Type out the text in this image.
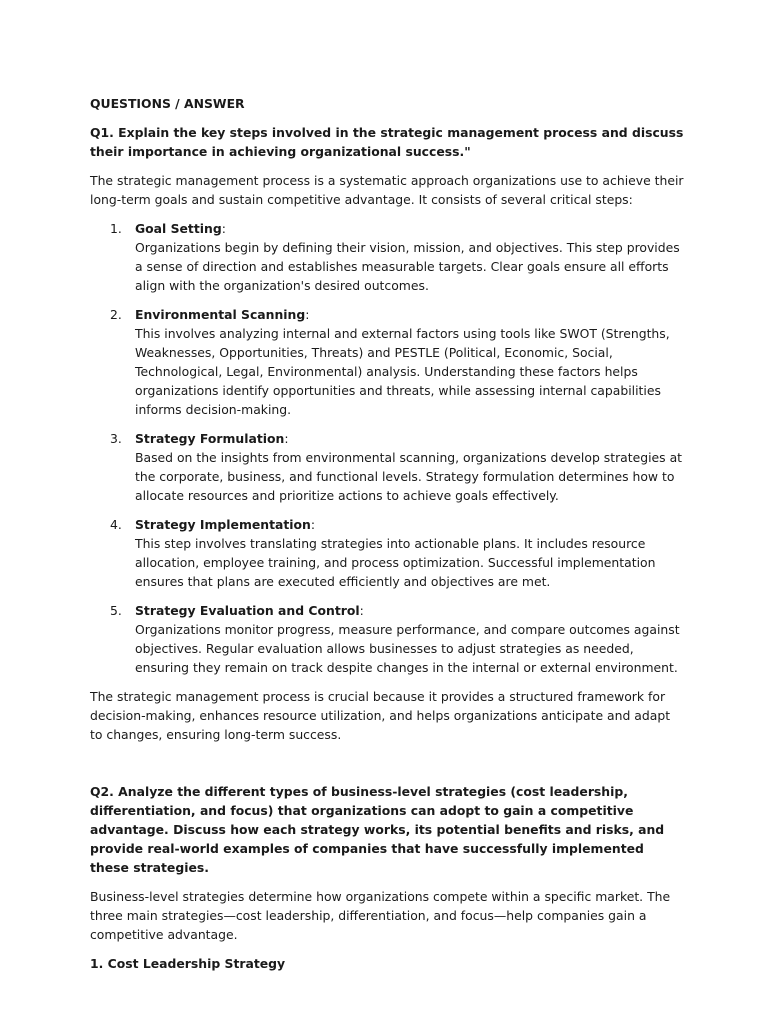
QUESTIONS / ANSWER

Q1. Explain the key steps involved in the strategic management process and discuss their importance in achieving organizational success."

The strategic management process is a systematic approach organizations use to achieve their long-term goals and sustain competitive advantage. It consists of several critical steps:

1. Goal Setting:
Organizations begin by defining their vision, mission, and objectives. This step provides a sense of direction and establishes measurable targets. Clear goals ensure all efforts align with the organization's desired outcomes.
2. Environmental Scanning:
This involves analyzing internal and external factors using tools like SWOT (Strengths, Weaknesses, Opportunities, Threats) and PESTLE (Political, Economic, Social, Technological, Legal, Environmental) analysis. Understanding these factors helps organizations identify opportunities and threats, while assessing internal capabilities informs decision-making.
3. Strategy Formulation:
Based on the insights from environmental scanning, organizations develop strategies at the corporate, business, and functional levels. Strategy formulation determines how to allocate resources and prioritize actions to achieve goals effectively.
4. Strategy Implementation:
This step involves translating strategies into actionable plans. It includes resource allocation, employee training, and process optimization. Successful implementation ensures that plans are executed efficiently and objectives are met.
5. Strategy Evaluation and Control:
Organizations monitor progress, measure performance, and compare outcomes against objectives. Regular evaluation allows businesses to adjust strategies as needed, ensuring they remain on track despite changes in the internal or external environment.

The strategic management process is crucial because it provides a structured framework for decision-making, enhances resource utilization, and helps organizations anticipate and adapt to changes, ensuring long-term success.

Q2. Analyze the different types of business-level strategies (cost leadership, differentiation, and focus) that organizations can adopt to gain a competitive advantage. Discuss how each strategy works, its potential benefits and risks, and provide real-world examples of companies that have successfully implemented these strategies.

Business-level strategies determine how organizations compete within a specific market. The three main strategies—cost leadership, differentiation, and focus—help companies gain a competitive advantage.

1. Cost Leadership Strategy
